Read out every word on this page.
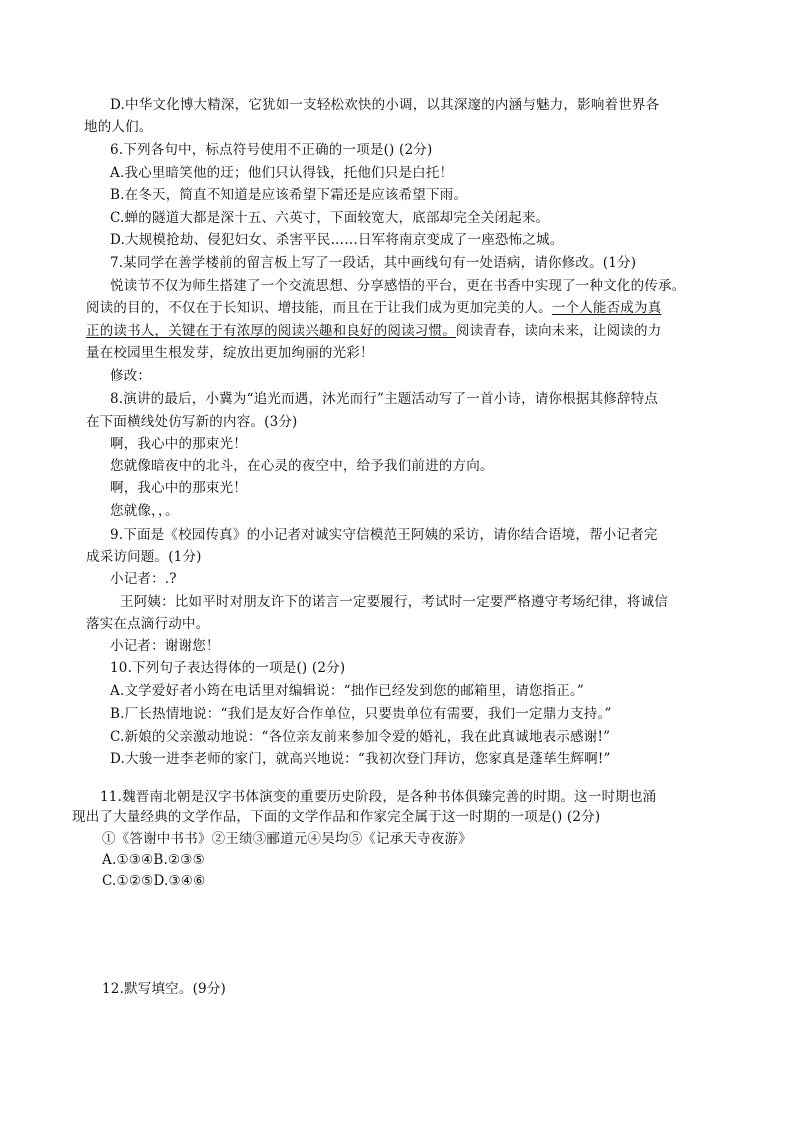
D.中华文化博大精深，它犹如一支轻松欢快的小调，以其深邃的内涵与魅力，影响着世界各
地的人们。
6.下列各句中，标点符号使用不正确的一项是() (2分)
A.我心里暗笑他的迂；他们只认得钱，托他们只是白托！
B.在冬天，简直不知道是应该希望下霜还是应该希望下雨。
C.蝉的隧道大都是深十五、六英寸，下面较宽大，底部却完全关闭起来。
D.大规模抢劫、侵犯妇女、杀害平民……日军将南京变成了一座恐怖之城。
7.某同学在善学楼前的留言板上写了一段话，其中画线句有一处语病，请你修改。(1分)
悦读节不仅为师生搭建了一个交流思想、分享感悟的平台，更在书香中实现了一种文化的传承。
阅读的目的，不仅在于长知识、增技能，而且在于让我们成为更加完美的人。一个人能否成为真
正的读书人，关键在于有浓厚的阅读兴趣和良好的阅读习惯。阅读青春，读向未来，让阅读的力
量在校园里生根发芽，绽放出更加绚丽的光彩！
修改：
8.演讲的最后，小冀为“追光而遇，沐光而行”主题活动写了一首小诗，请你根据其修辞特点
在下面横线处仿写新的内容。(3分)
啊，我心中的那束光！
您就像暗夜中的北斗，在心灵的夜空中，给予我们前进的方向。
啊，我心中的那束光！
您就像，，。
9.下面是《校园传真》的小记者对诚实守信模范王阿姨的采访，请你结合语境，帮小记者完
成采访问题。(1分)
小记者：.?
王阿姨：比如平时对朋友许下的诺言一定要履行，考试时一定要严格遵守考场纪律，将诚信
落实在点滴行动中。
小记者：谢谢您！
10.下列句子表达得体的一项是() (2分)
A.文学爱好者小筠在电话里对编辑说：“拙作已经发到您的邮箱里，请您指正。”
B.厂长热情地说：“我们是友好合作单位，只要贵单位有需要，我们一定鼎力支持。”
C.新娘的父亲激动地说：“各位亲友前来参加令爱的婚礼，我在此真诚地表示感谢!”
D.大骏一进李老师的家门，就高兴地说：“我初次登门拜访，您家真是蓬荜生辉啊!”
11.魏晋南北朝是汉字书体演变的重要历史阶段，是各种书体俱臻完善的时期。这一时期也涌
现出了大量经典的文学作品，下面的文学作品和作家完全属于这一时期的一项是() (2分)
①《答谢中书书》②王绩③郦道元④吴均⑤《记承天寺夜游》
A.①③④B.②③⑤
C.①②⑤D.③④⑥
12.默写填空。(9分)
